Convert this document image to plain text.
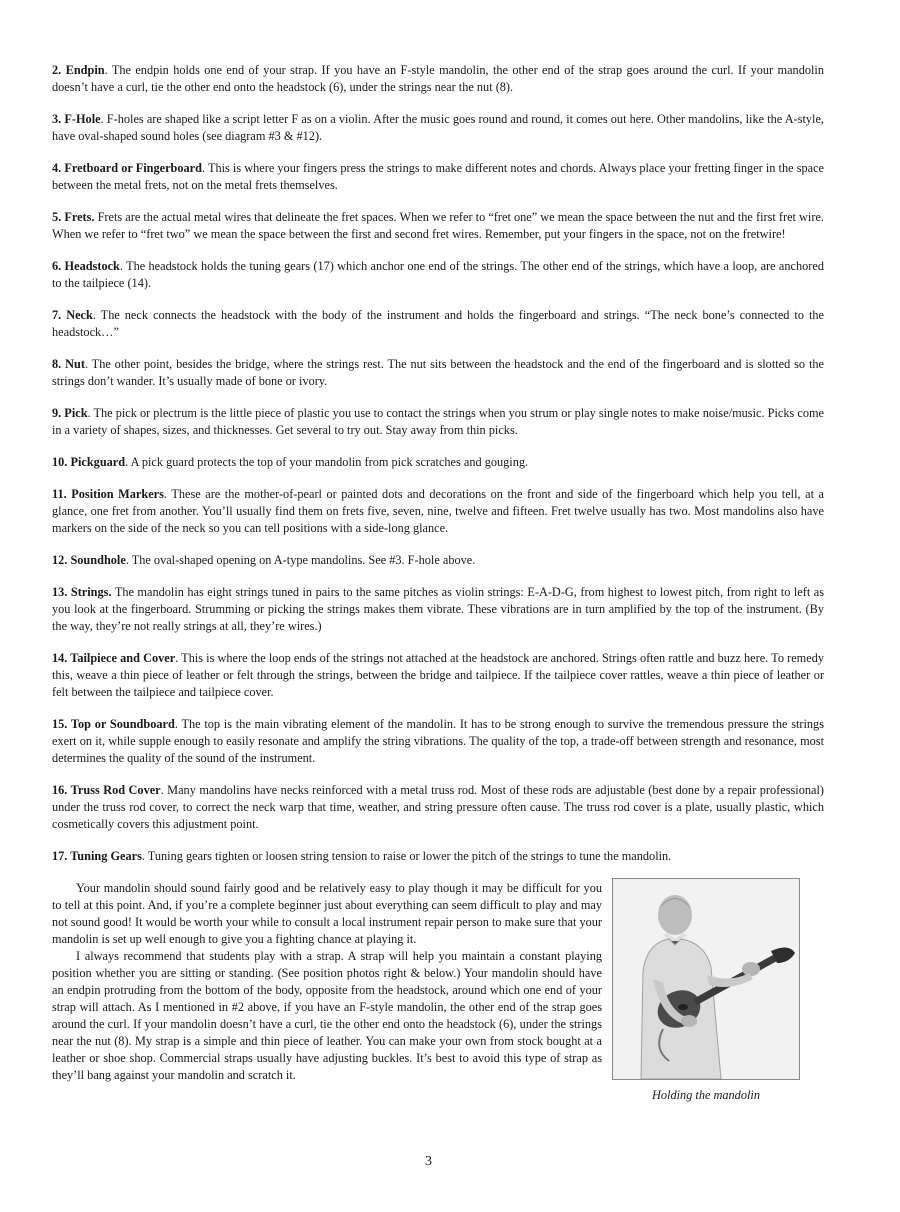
2. Endpin. The endpin holds one end of your strap. If you have an F-style mandolin, the other end of the strap goes around the curl. If your mandolin doesn’t have a curl, tie the other end onto the headstock (6), under the strings near the nut (8).

3. F-Hole. F-holes are shaped like a script letter F as on a violin. After the music goes round and round, it comes out here. Other mandolins, like the A-style, have oval-shaped sound holes (see diagram #3 & #12).

4. Fretboard or Fingerboard. This is where your fingers press the strings to make different notes and chords. Always place your fretting finger in the space between the metal frets, not on the metal frets themselves.

5. Frets. Frets are the actual metal wires that delineate the fret spaces. When we refer to “fret one” we mean the space between the nut and the first fret wire. When we refer to “fret two” we mean the space between the first and second fret wires. Remember, put your fingers in the space, not on the fretwire!

6. Headstock. The headstock holds the tuning gears (17) which anchor one end of the strings. The other end of the strings, which have a loop, are anchored to the tailpiece (14).

7. Neck. The neck connects the headstock with the body of the instrument and holds the fingerboard and strings. “The neck bone’s connected to the headstock…”

8. Nut. The other point, besides the bridge, where the strings rest. The nut sits between the headstock and the end of the fingerboard and is slotted so the strings don’t wander. It’s usually made of bone or ivory.

9. Pick. The pick or plectrum is the little piece of plastic you use to contact the strings when you strum or play single notes to make noise/music. Picks come in a variety of shapes, sizes, and thicknesses. Get several to try out. Stay away from thin picks.

10. Pickguard. A pick guard protects the top of your mandolin from pick scratches and gouging.

11. Position Markers. These are the mother-of-pearl or painted dots and decorations on the front and side of the fingerboard which help you tell, at a glance, one fret from another. You’ll usually find them on frets five, seven, nine, twelve and fifteen. Fret twelve usually has two. Most mandolins also have markers on the side of the neck so you can tell positions with a side-long glance.

12. Soundhole. The oval-shaped opening on A-type mandolins. See #3. F-hole above.

13. Strings. The mandolin has eight strings tuned in pairs to the same pitches as violin strings: E-A-D-G, from highest to lowest pitch, from right to left as you look at the fingerboard. Strumming or picking the strings makes them vibrate. These vibrations are in turn amplified by the top of the instrument. (By the way, they’re not really strings at all, they’re wires.)

14. Tailpiece and Cover. This is where the loop ends of the strings not attached at the headstock are anchored. Strings often rattle and buzz here. To remedy this, weave a thin piece of leather or felt through the strings, between the bridge and tailpiece. If the tailpiece cover rattles, weave a thin piece of leather or felt between the tailpiece and tailpiece cover.

15. Top or Soundboard. The top is the main vibrating element of the mandolin. It has to be strong enough to survive the tremendous pressure the strings exert on it, while supple enough to easily resonate and amplify the string vibrations. The quality of the top, a trade-off between strength and resonance, most determines the quality of the sound of the instrument.

16. Truss Rod Cover. Many mandolins have necks reinforced with a metal truss rod. Most of these rods are adjustable (best done by a repair professional) under the truss rod cover, to correct the neck warp that time, weather, and string pressure often cause. The truss rod cover is a plate, usually plastic, which cosmetically covers this adjustment point.

17. Tuning Gears. Tuning gears tighten or loosen string tension to raise or lower the pitch of the strings to tune the mandolin.

Your mandolin should sound fairly good and be relatively easy to play though it may be difficult for you to tell at this point. And, if you’re a complete beginner just about everything can seem difficult to play and may not sound good! It would be worth your while to consult a local instrument repair person to make sure that your mandolin is set up well enough to give you a fighting chance at playing it.

I always recommend that students play with a strap. A strap will help you maintain a constant playing position whether you are sitting or standing. (See position photos right & below.) Your mandolin should have an endpin protruding from the bottom of the body, opposite from the headstock, around which one end of your strap will attach. As I mentioned in #2 above, if you have an F-style mandolin, the other end of the strap goes around the curl. If your mandolin doesn’t have a curl, tie the other end onto the headstock (6), under the strings near the nut (8). My strap is a simple and thin piece of leather. You can make your own from stock bought at a leather or shoe shop. Commercial straps usually have adjusting buckles. It’s best to avoid this type of strap as they’ll bang against your mandolin and scratch it.

Holding the mandolin
3
